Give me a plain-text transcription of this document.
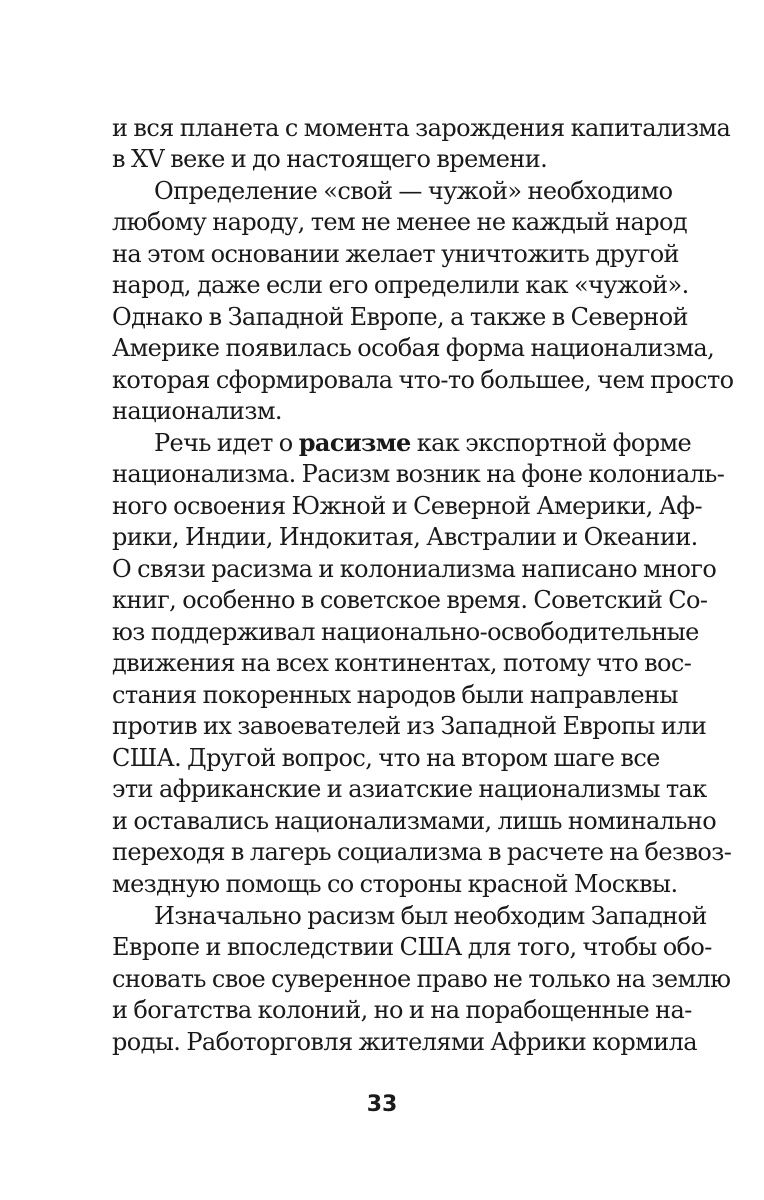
и вся планета с момента зарождения капитализма
в XV веке и до настоящего времени.
Определение «свой — чужой» необходимо
любому народу, тем не менее не каждый народ
на этом основании желает уничтожить другой
народ, даже если его определили как «чужой».
Однако в Западной Европе, а также в Северной
Америке появилась особая форма национализма,
которая сформировала что-то большее, чем просто
национализм.
Речь идет о расизме как экспортной форме
национализма. Расизм возник на фоне колониаль-
ного освоения Южной и Северной Америки, Аф-
рики, Индии, Индокитая, Австралии и Океании.
О связи расизма и колониализма написано много
книг, особенно в советское время. Советский Со-
юз поддерживал национально-освободительные
движения на всех континентах, потому что вос-
стания покоренных народов были направлены
против их завоевателей из Западной Европы или
США. Другой вопрос, что на втором шаге все
эти африканские и азиатские национализмы так
и оставались национализмами, лишь номинально
переходя в лагерь социализма в расчете на безвоз-
мездную помощь со стороны красной Москвы.
Изначально расизм был необходим Западной
Европе и впоследствии США для того, чтобы обо-
сновать свое суверенное право не только на землю
и богатства колоний, но и на порабощенные на-
роды. Работорговля жителями Африки кормила
33
